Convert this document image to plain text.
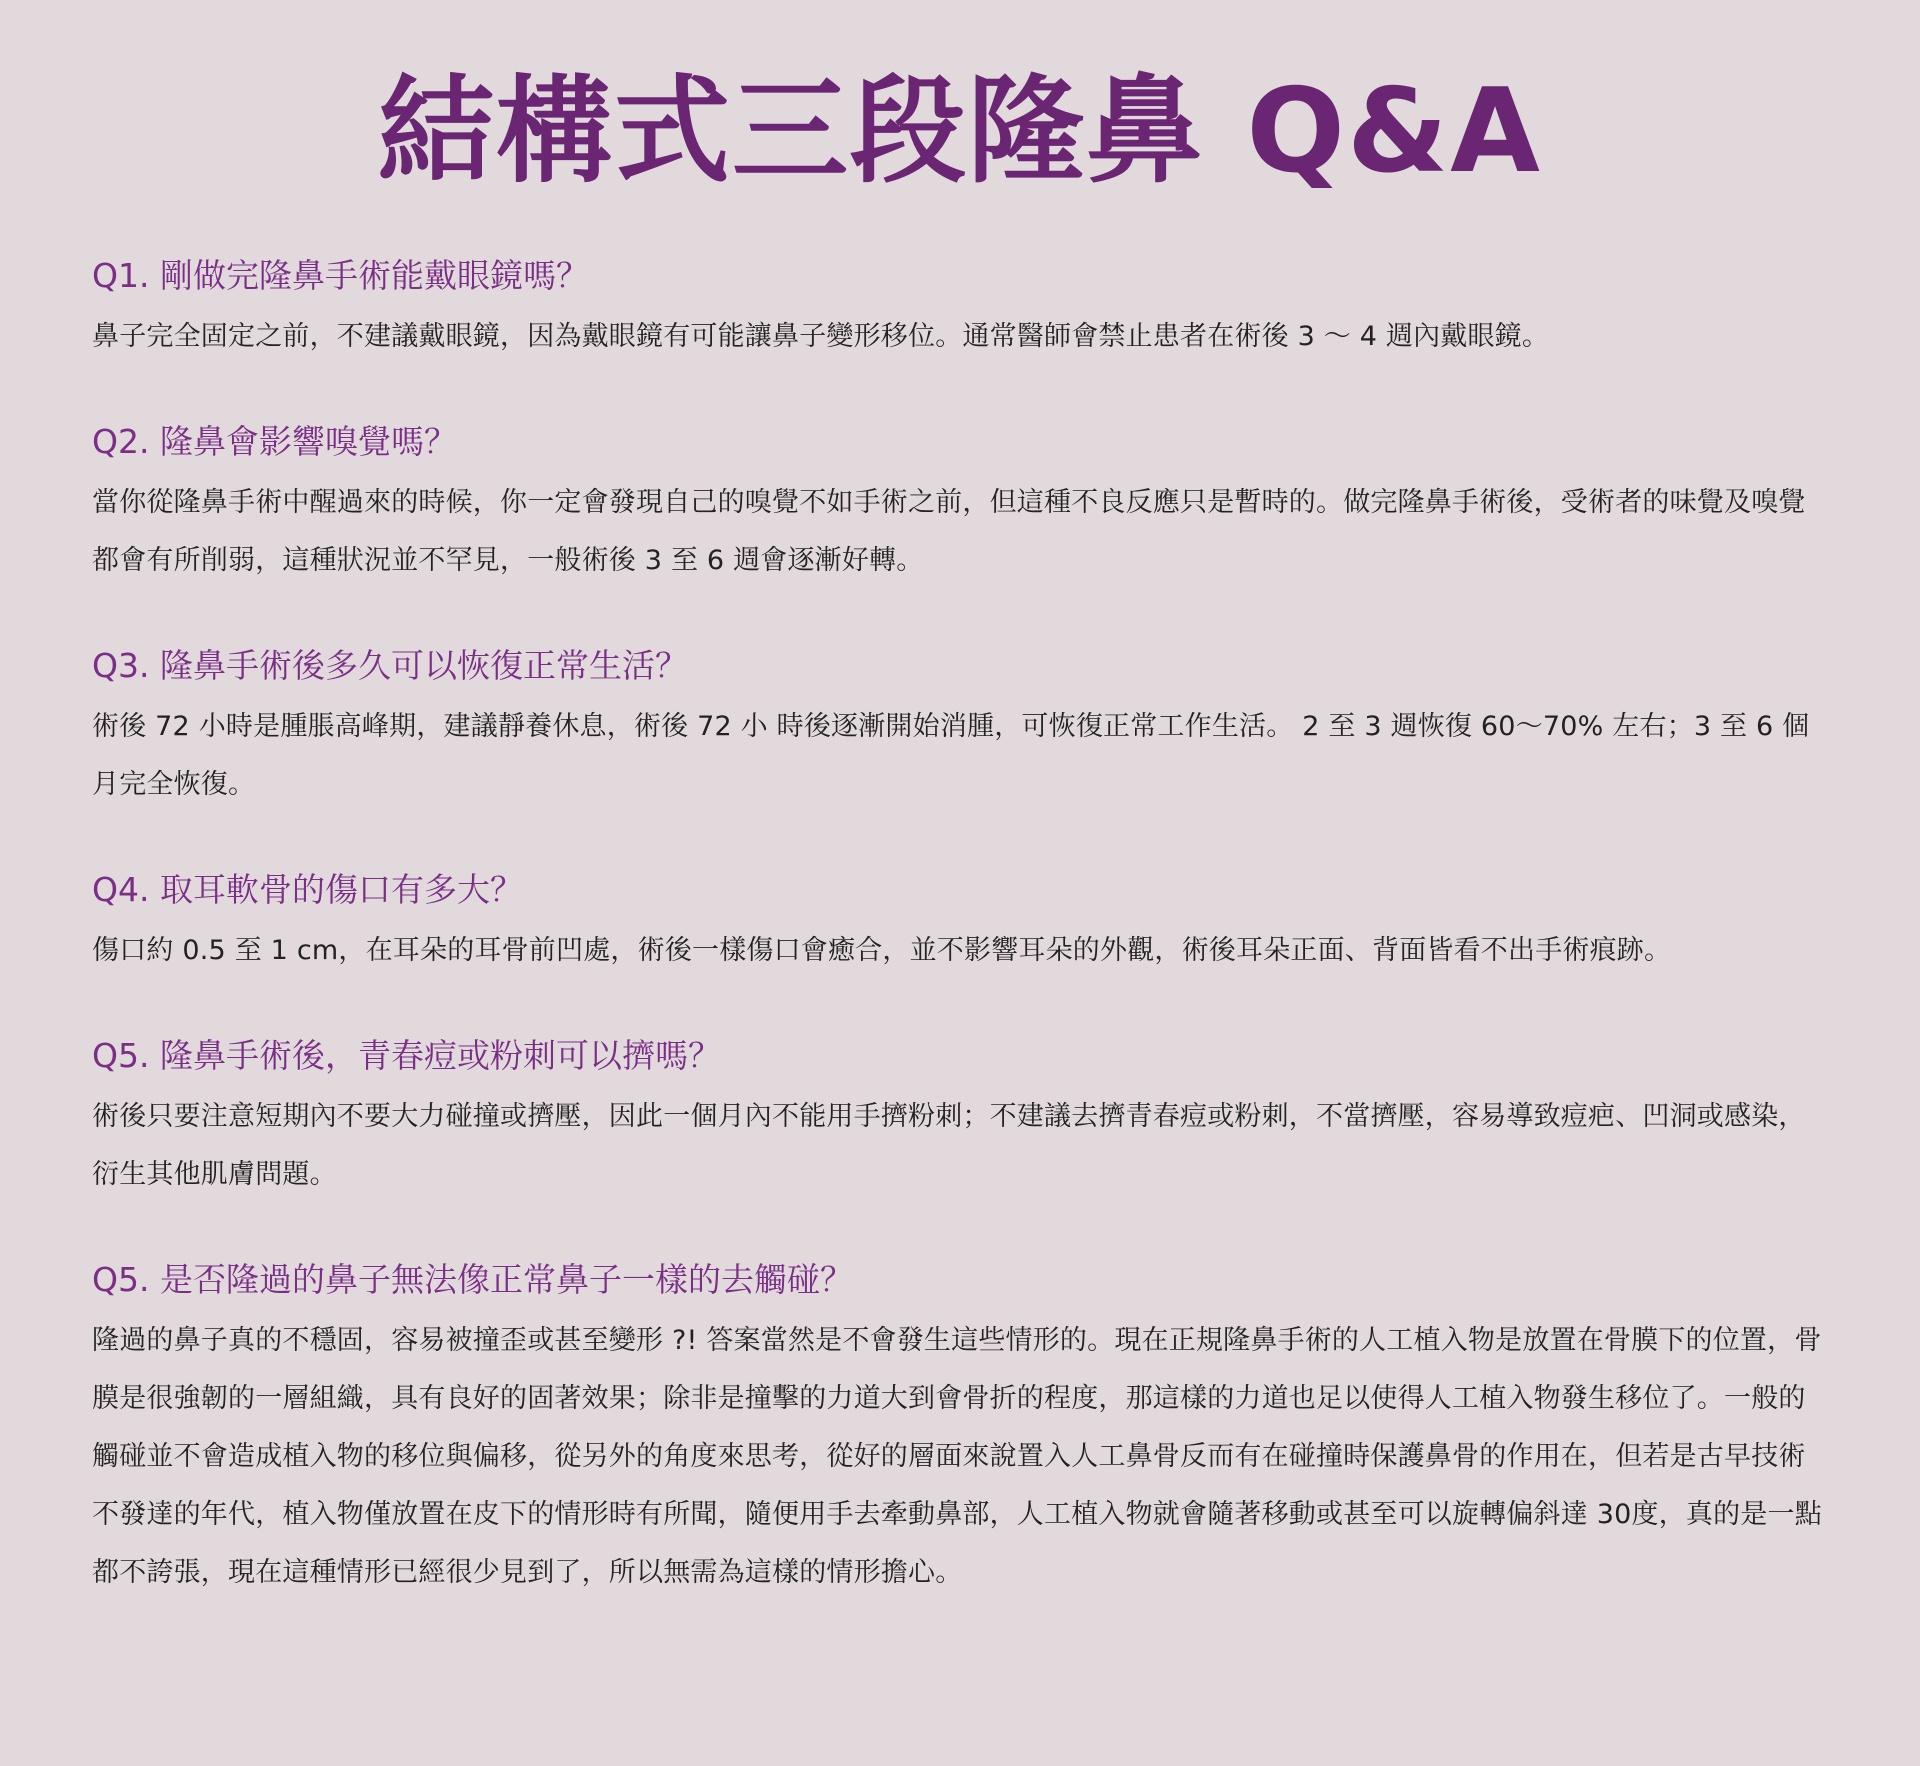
結構式三段隆鼻 Q&A
Q1. 剛做完隆鼻手術能戴眼鏡嗎？

鼻子完全固定之前，不建議戴眼鏡，因為戴眼鏡有可能讓鼻子變形移位。通常醫師會禁止患者在術後 3 ～ 4 週內戴眼鏡。

Q2. 隆鼻會影響嗅覺嗎？

當你從隆鼻手術中醒過來的時候，你一定會發現自己的嗅覺不如手術之前，但這種不良反應只是暫時的。做完隆鼻手術後，受術者的味覺及嗅覺都會有所削弱，這種狀況並不罕見，一般術後 3 至 6 週會逐漸好轉。

Q3. 隆鼻手術後多久可以恢復正常生活？

術後 72 小時是腫脹高峰期，建議靜養休息，術後 72 小 時後逐漸開始消腫，可恢復正常工作生活。 2 至 3 週恢復 60～70% 左右；3 至 6 個月完全恢復。

Q4. 取耳軟骨的傷口有多大？

傷口約 0.5 至 1 cm，在耳朵的耳骨前凹處，術後一樣傷口會癒合，並不影響耳朵的外觀，術後耳朵正面、背面皆看不出手術痕跡。

Q5. 隆鼻手術後，青春痘或粉刺可以擠嗎？

術後只要注意短期內不要大力碰撞或擠壓，因此一個月內不能用手擠粉刺；不建議去擠青春痘或粉刺，不當擠壓，容易導致痘疤、凹洞或感染，衍生其他肌膚問題。

Q5. 是否隆過的鼻子無法像正常鼻子一樣的去觸碰？

隆過的鼻子真的不穩固，容易被撞歪或甚至變形 ?! 答案當然是不會發生這些情形的。現在正規隆鼻手術的人工植入物是放置在骨膜下的位置，骨膜是很強韌的一層組織，具有良好的固著效果；除非是撞擊的力道大到會骨折的程度，那這樣的力道也足以使得人工植入物發生移位了。一般的觸碰並不會造成植入物的移位與偏移，從另外的角度來思考，從好的層面來說置入人工鼻骨反而有在碰撞時保護鼻骨的作用在，但若是古早技術不發達的年代，植入物僅放置在皮下的情形時有所聞，隨便用手去牽動鼻部，人工植入物就會隨著移動或甚至可以旋轉偏斜達 30度，真的是一點都不誇張，現在這種情形已經很少見到了，所以無需為這樣的情形擔心。
